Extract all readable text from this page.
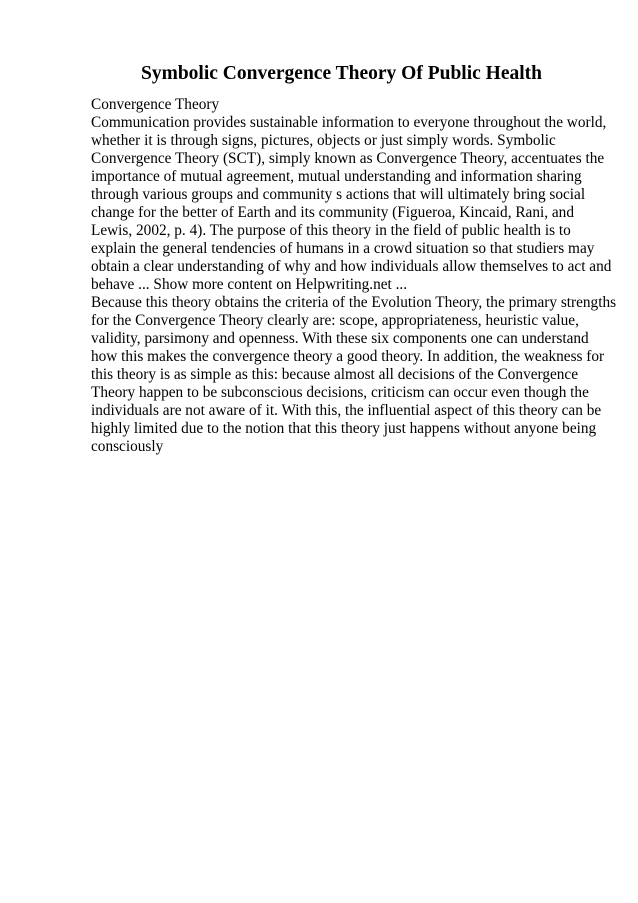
Symbolic Convergence Theory Of Public Health
Convergence Theory
Communication provides sustainable information to everyone throughout the world,
whether it is through signs, pictures, objects or just simply words. Symbolic
Convergence Theory (SCT), simply known as Convergence Theory, accentuates the
importance of mutual agreement, mutual understanding and information sharing
through various groups and community s actions that will ultimately bring social
change for the better of Earth and its community (Figueroa, Kincaid, Rani, and
Lewis, 2002, p. 4). The purpose of this theory in the field of public health is to
explain the general tendencies of humans in a crowd situation so that studiers may
obtain a clear understanding of why and how individuals allow themselves to act and
behave ... Show more content on Helpwriting.net ...
Because this theory obtains the criteria of the Evolution Theory, the primary strengths
for the Convergence Theory clearly are: scope, appropriateness, heuristic value,
validity, parsimony and openness. With these six components one can understand
how this makes the convergence theory a good theory. In addition, the weakness for
this theory is as simple as this: because almost all decisions of the Convergence
Theory happen to be subconscious decisions, criticism can occur even though the
individuals are not aware of it. With this, the influential aspect of this theory can be
highly limited due to the notion that this theory just happens without anyone being
consciously
